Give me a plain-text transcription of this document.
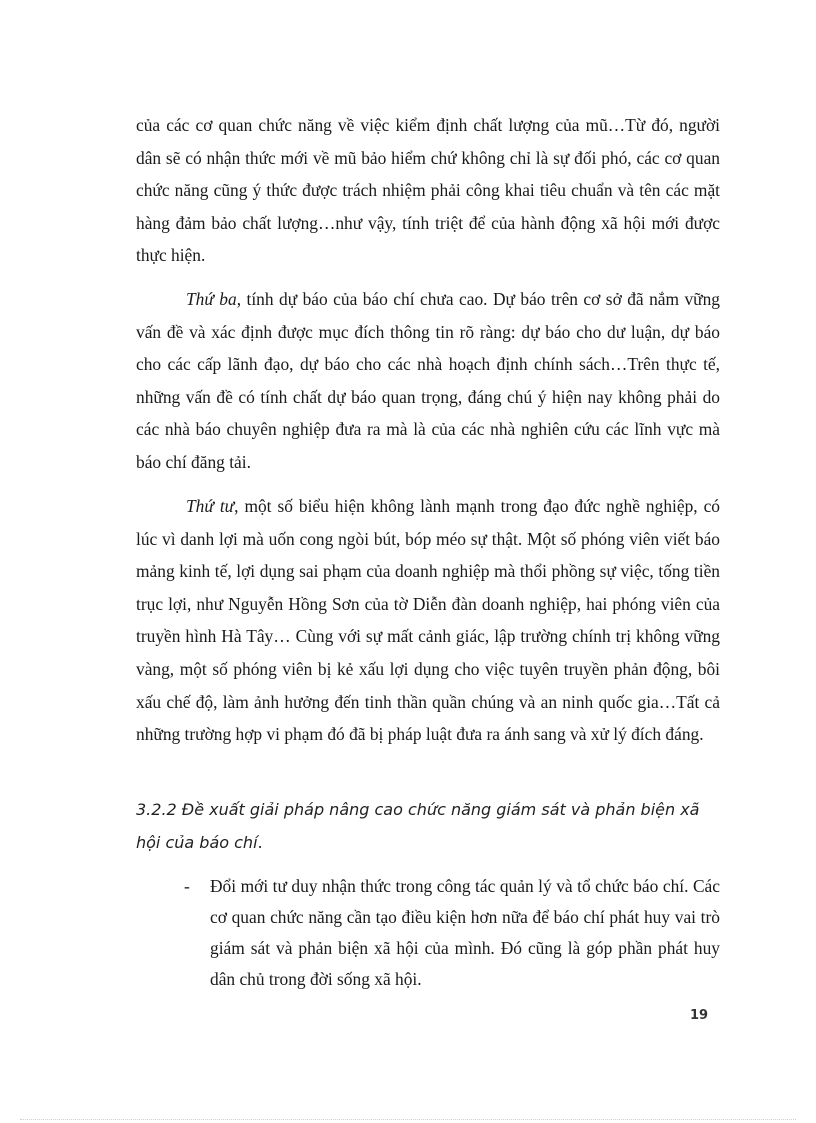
của các cơ quan chức năng về việc kiểm định chất lượng của mũ…Từ đó, người dân sẽ có nhận thức mới về mũ bảo hiểm chứ không chỉ là sự đối phó, các cơ quan chức năng cũng ý thức được trách nhiệm phải công khai tiêu chuẩn và tên các mặt hàng đảm bảo chất lượng…như vậy, tính triệt để của hành động xã hội mới được thực hiện.

Thứ ba, tính dự báo của báo chí chưa cao. Dự báo trên cơ sở đã nắm vững vấn đề và xác định được mục đích thông tin rõ ràng: dự báo cho dư luận, dự báo cho các cấp lãnh đạo, dự báo cho các nhà hoạch định chính sách…Trên thực tế, những vấn đề có tính chất dự báo quan trọng, đáng chú ý hiện nay không phải do các nhà báo chuyên nghiệp đưa ra mà là của các nhà nghiên cứu các lĩnh vực mà báo chí đăng tải.

Thứ tư, một số biểu hiện không lành mạnh trong đạo đức nghề nghiệp, có lúc vì danh lợi mà uốn cong ngòi bút, bóp méo sự thật. Một số phóng viên viết báo mảng kinh tế, lợi dụng sai phạm của doanh nghiệp mà thổi phồng sự việc, tống tiền trục lợi, như Nguyễn Hồng Sơn của tờ Diễn đàn doanh nghiệp, hai phóng viên của truyền hình Hà Tây… Cùng với sự mất cảnh giác, lập trường chính trị không vững vàng, một số phóng viên bị kẻ xấu lợi dụng cho việc tuyên truyền phản động, bôi xấu chế độ, làm ảnh hưởng đến tinh thần quần chúng và an ninh quốc gia…Tất cả những trường hợp vi phạm đó đã bị pháp luật đưa ra ánh sang và xử lý đích đáng.

3.2.2 Đề xuất giải pháp nâng cao chức năng giám sát và phản biện xã hội của báo chí.
-	Đổi mới tư duy nhận thức trong công tác quản lý và tổ chức báo chí. Các cơ quan chức năng cần tạo điều kiện hơn nữa để báo chí phát huy vai trò giám sát và phản biện xã hội của mình. Đó cũng là góp phần phát huy dân chủ trong đời sống xã hội.
19
